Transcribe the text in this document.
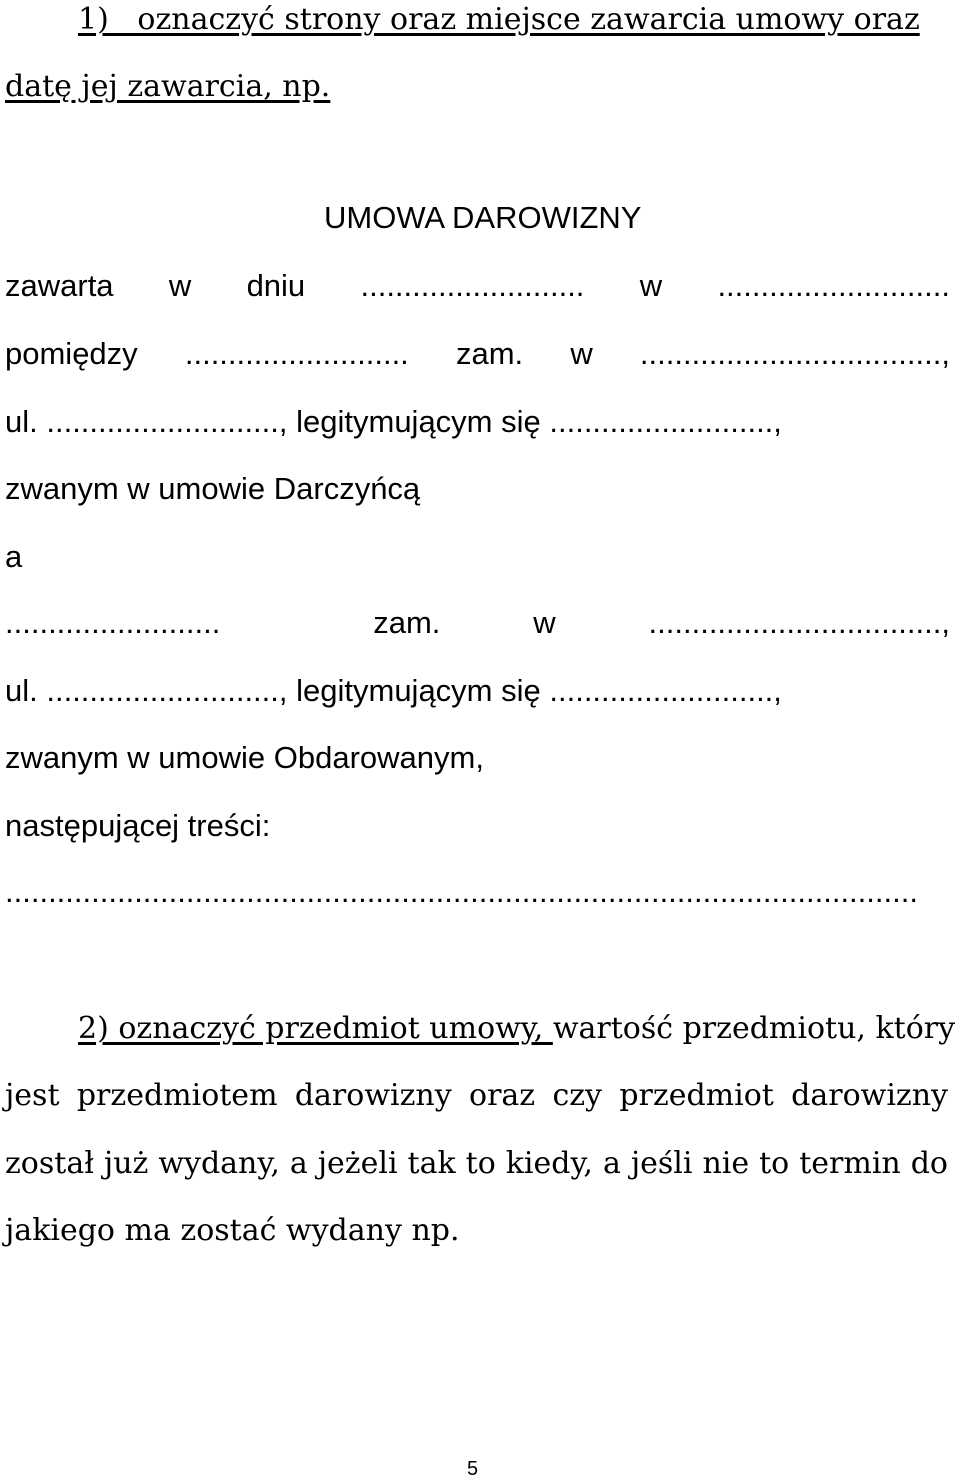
1)   oznaczyć strony oraz miejsce zawarcia umowy oraz
datę jej zawarcia, np.
UMOWA DAROWIZNY
zawarta w dniu .......................... w ...........................
pomiędzy .......................... zam. w ...................................,
ul. ..........................., legitymującym się ..........................,
zwanym w umowie Darczyńcą
a
.........................	zam.	w	..................................,
ul. ..........................., legitymującym się ..........................,
zwanym w umowie Obdarowanym,
następującej treści:
..........................................................................................................
2) oznaczyć przedmiot umowy, wartość przedmiotu, który
jest przedmiotem darowizny oraz czy przedmiot darowizny
został już wydany, a jeżeli tak to kiedy, a jeśli nie to termin do
jakiego ma zostać wydany np.
5
